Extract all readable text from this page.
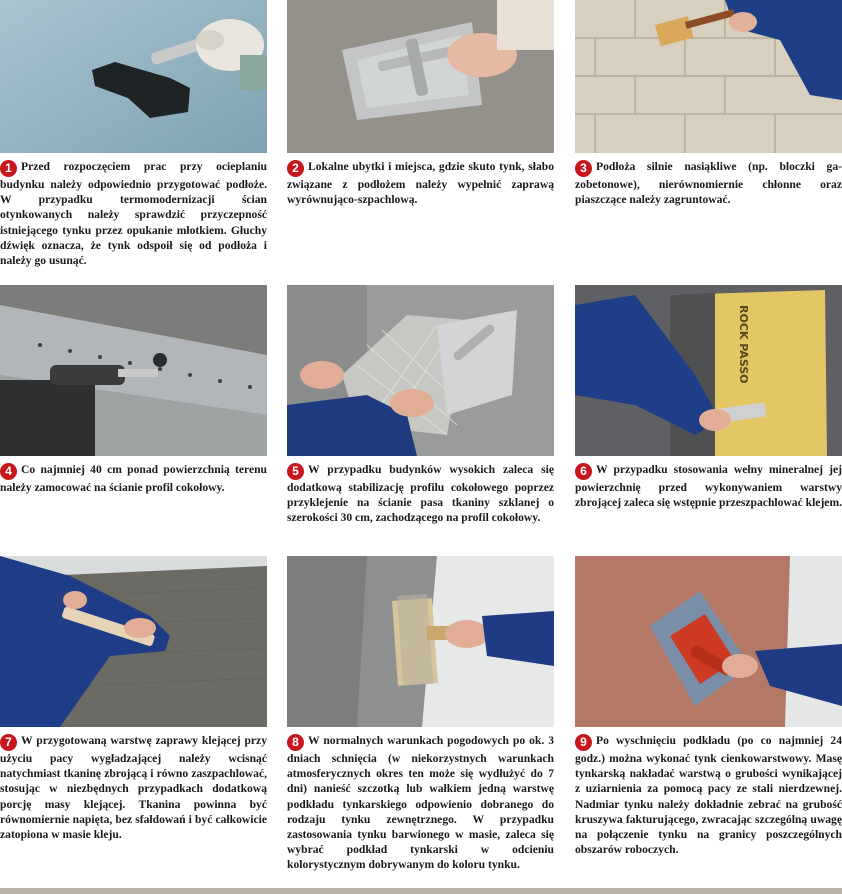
1 Przed rozpoczęciem prac przy ocieplaniu budynku należy odpowiednio przygotować podłoże. W przypadku termomodernizacji ścian otynkowanych należy sprawdzić przyczepność istniejącego tynku przez opukanie młotkiem. Głuchy dźwięk oznacza, że tynk odspoił się od podłoża i należy go usunąć.

2 Lokalne ubytki i miejsca, gdzie skuto tynk, słabo związane z podłożem należy wypełnić zaprawą wyrównująco-szpachlową.

3 Podłoża silnie nasiąkliwe (np. bloczki gazobetonowe), nierównomiernie chłonne oraz piaszczące należy zagruntować.

4 Co najmniej 40 cm ponad powierzchnią terenu należy zamocować na ścianie profil cokołowy.

5 W przypadku budynków wysokich zaleca się dodatkową stabilizację profilu cokołowego poprzez przyklejenie na ścianie pasa tkaniny szklanej o szerokości 30 cm, zachodzącego na profil cokołowy.

ROCK PASSO

6 W przypadku stosowania wełny mineralnej jej powierzchnię przed wykonywaniem warstwy zbrojącej zaleca się wstępnie przeszpachlować klejem.

7 W przygotowaną warstwę zaprawy klejącej przy użyciu pacy wygładzającej należy wcisnąć natychmiast tkaninę zbrojącą i równo zaszpachlować, stosując w niezbędnych przypadkach dodatkową porcję masy klejącej. Tkanina powinna być równomiernie napięta, bez sfałdowań i być całkowicie zatopiona w masie kleju.

8 W normalnych warunkach pogodowych po ok. 3 dniach schnięcia (w niekorzystnych warunkach atmosferycznych okres ten może się wydłużyć do 7 dni) nanieść szczotką lub wałkiem jedną warstwę podkładu tynkarskiego odpowienio dobranego do rodzaju tynku zewnętrznego. W przypadku zastosowania tynku barwionego w masie, zaleca się wybrać podkład tynkarski w odcieniu kolorystycznym dobrywanym do koloru tynku.

9 Po wyschnięciu podkładu (po co najmniej 24 godz.) można wykonać tynk cienkowarstwowy. Masę tynkarską nakładać warstwą o grubości wynikającej z uziarnienia za pomocą pacy ze stali nierdzewnej. Nadmiar tynku należy dokładnie zebrać na grubość kruszywa fakturującego, zwracając szczególną uwagę na połączenie tynku na granicy poszczególnych obszarów roboczych.
